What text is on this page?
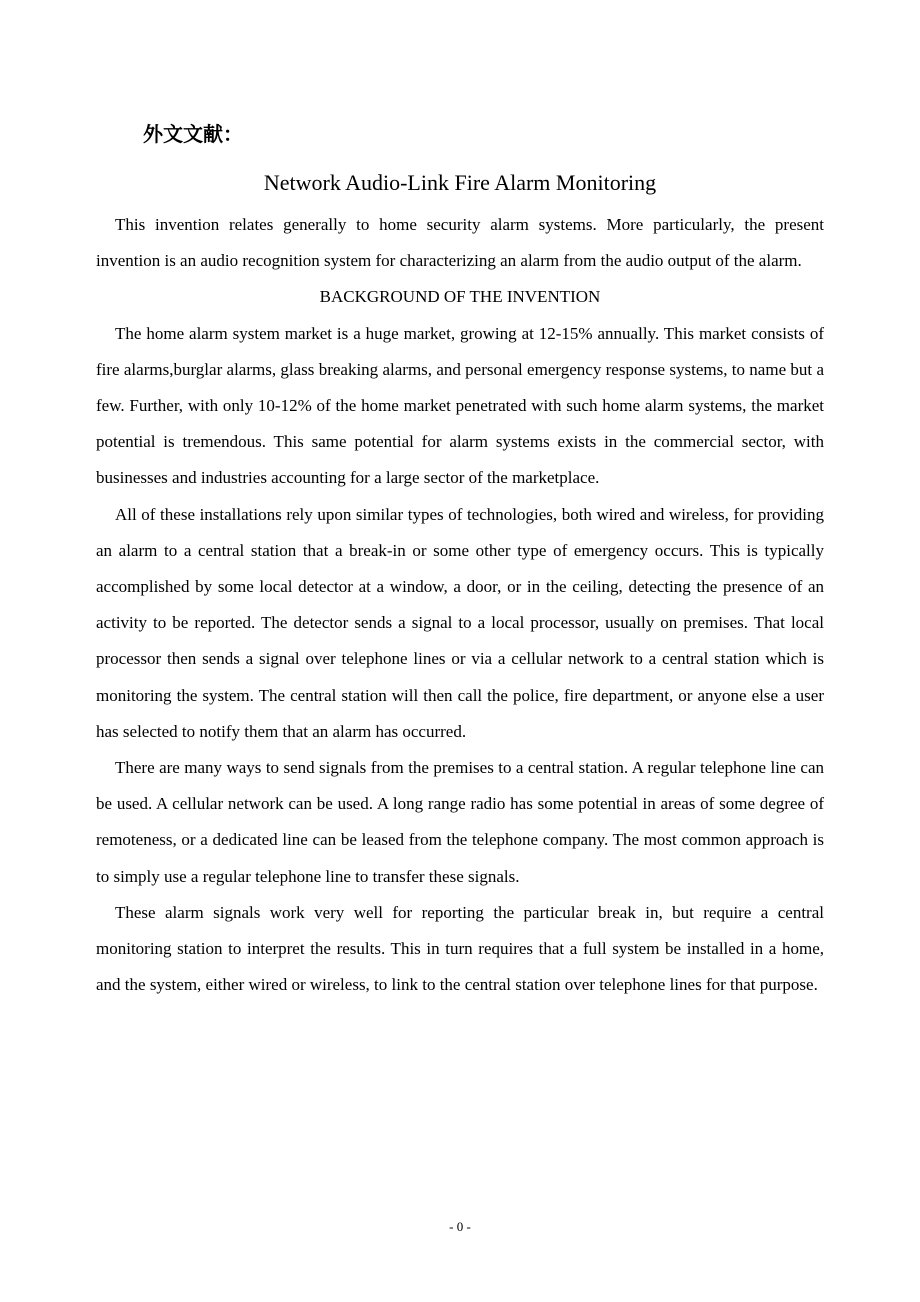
外文文献：
Network Audio-Link Fire Alarm Monitoring

This invention relates generally to home security alarm systems. More particularly, the present invention is an audio recognition system for characterizing an alarm from the audio output of the alarm.

BACKGROUND OF THE INVENTION

The home alarm system market is a huge market, growing at 12-15% annually. This market consists of fire alarms,burglar alarms, glass breaking alarms, and personal emergency response systems, to name but a few. Further, with only 10-12% of the home market penetrated with such home alarm systems, the market potential is tremendous. This same potential for alarm systems exists in the commercial sector, with businesses and industries accounting for a large sector of the marketplace.

All of these installations rely upon similar types of technologies, both wired and wireless, for providing an alarm to a central station that a break-in or some other type of emergency occurs. This is typically accomplished by some local detector at a window, a door, or in the ceiling, detecting the presence of an activity to be reported. The detector sends a signal to a local processor, usually on premises. That local processor then sends a signal over telephone lines or via a cellular network to a central station which is monitoring the system. The central station will then call the police, fire department, or anyone else a user has selected to notify them that an alarm has occurred.

There are many ways to send signals from the premises to a central station. A regular telephone line can be used. A cellular network can be used. A long range radio has some potential in areas of some degree of remoteness, or a dedicated line can be leased from the telephone company. The most common approach is to simply use a regular telephone line to transfer these signals.

These alarm signals work very well for reporting the particular break in, but require a central monitoring station to interpret the results. This in turn requires that a full system be installed in a home, and the system, either wired or wireless, to link to the central station over telephone lines for that purpose.

- 0 -
